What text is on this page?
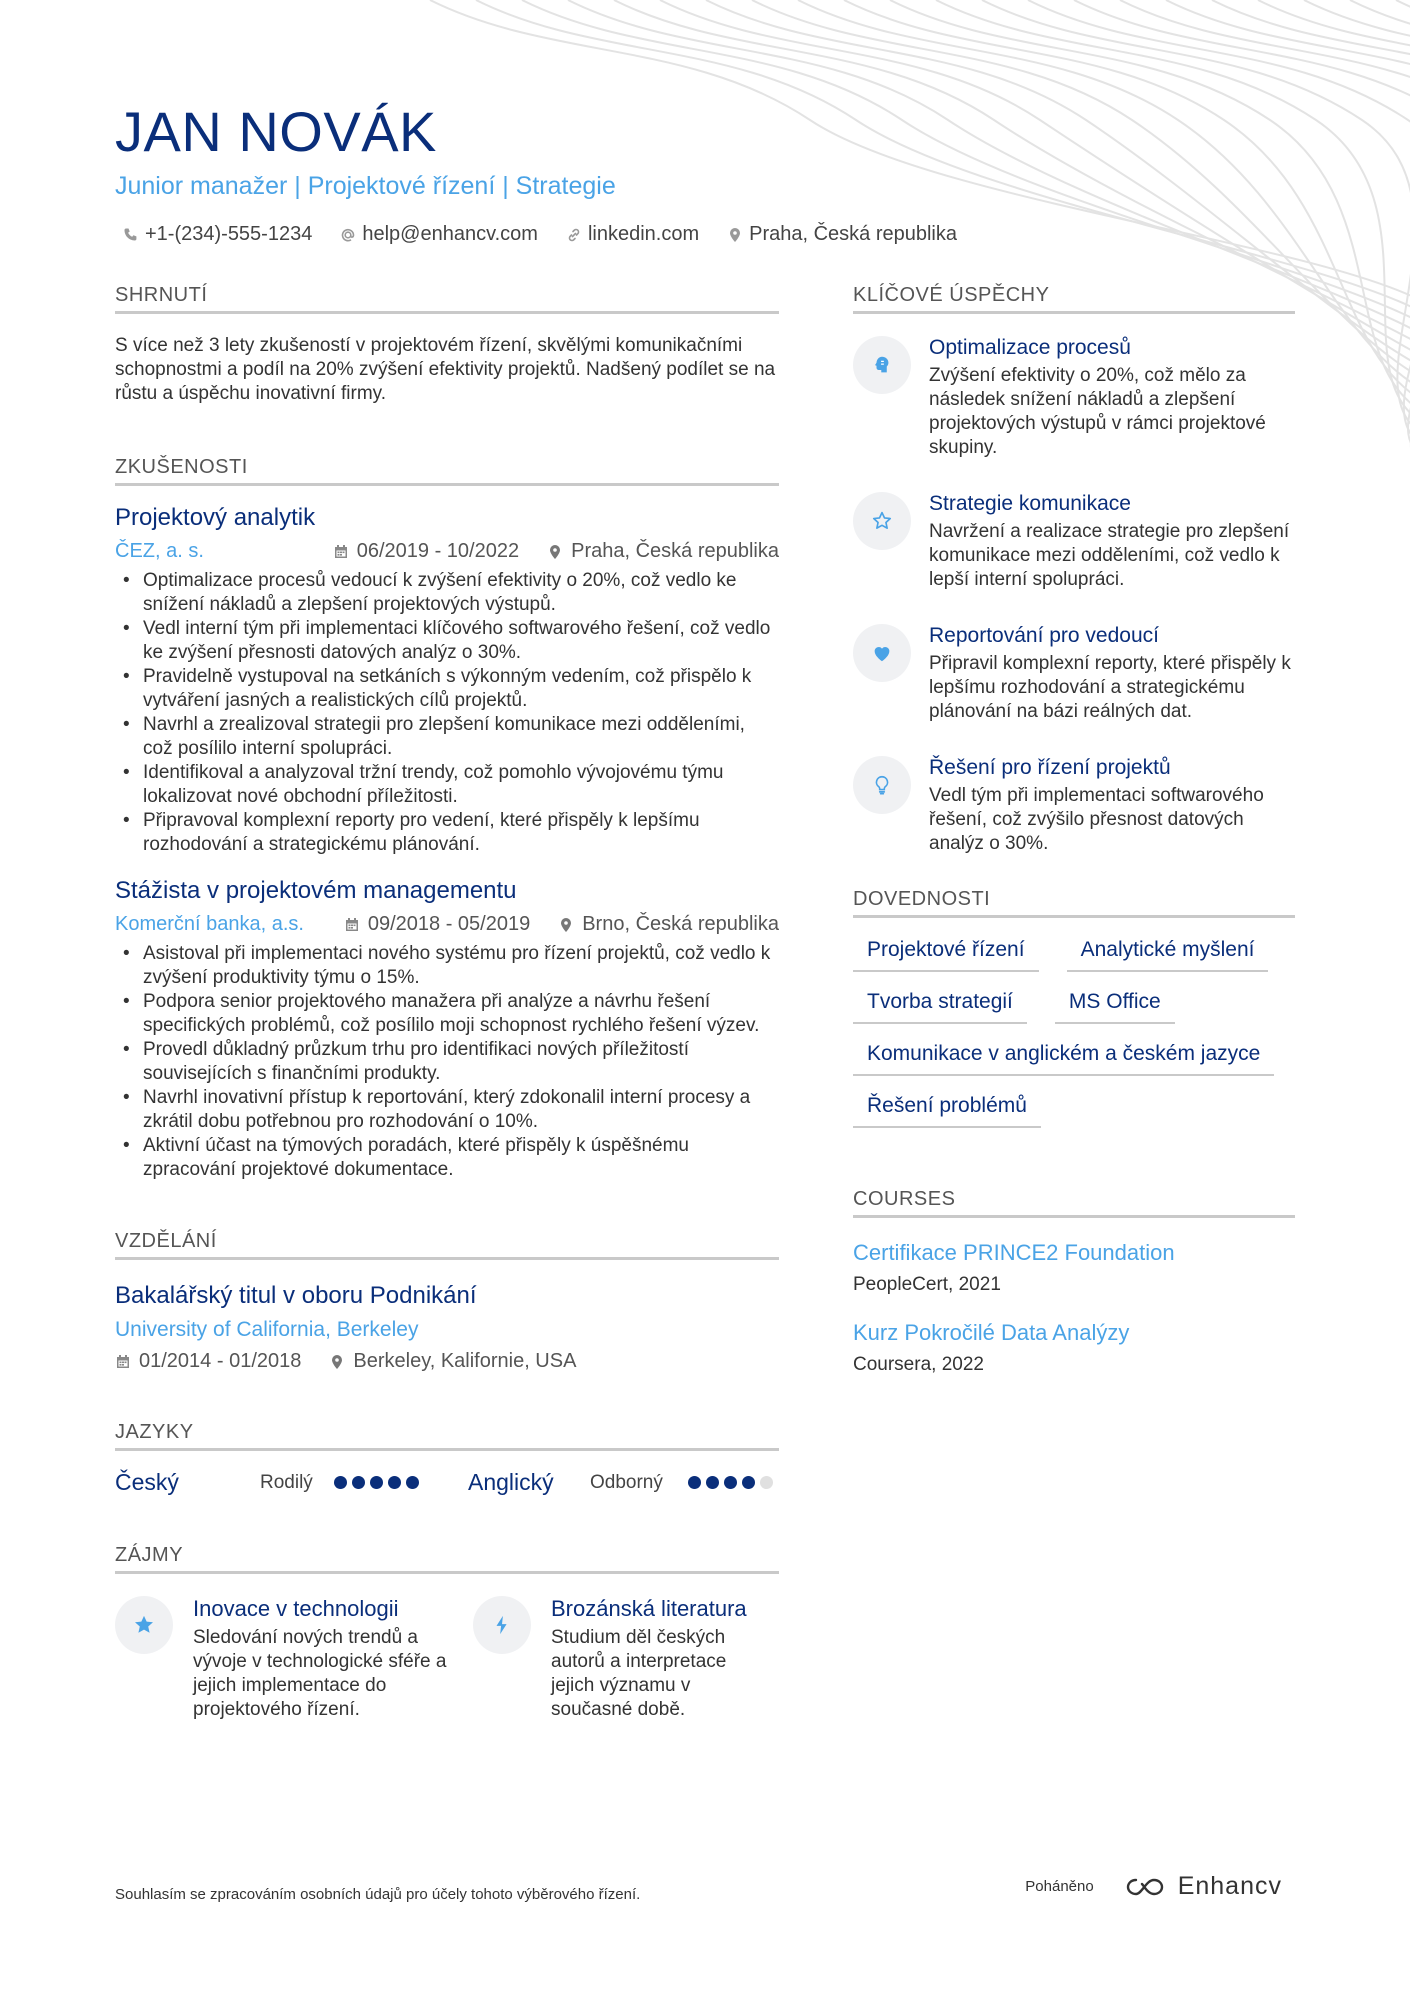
JAN NOVÁK
Junior manažer | Projektové řízení | Strategie
+1-(234)-555-1234	help@enhancv.com	linkedin.com	Praha, Česká republika
SHRNUTÍ
S více než 3 lety zkušeností v projektovém řízení, skvělými komunikačními schopnostmi a podíl na 20% zvýšení efektivity projektů. Nadšený podílet se na růstu a úspěchu inovativní firmy.
ZKUŠENOSTI
Projektový analytik
ČEZ, a. s.	06/2019 - 10/2022	Praha, Česká republika
• Optimalizace procesů vedoucí k zvýšení efektivity o 20%, což vedlo ke snížení nákladů a zlepšení projektových výstupů.
• Vedl interní tým při implementaci klíčového softwarového řešení, což vedlo ke zvýšení přesnosti datových analýz o 30%.
• Pravidelně vystupoval na setkáních s výkonným vedením, což přispělo k vytváření jasných a realistických cílů projektů.
• Navrhl a zrealizoval strategii pro zlepšení komunikace mezi odděleními, což posílilo interní spolupráci.
• Identifikoval a analyzoval tržní trendy, což pomohlo vývojovému týmu lokalizovat nové obchodní příležitosti.
• Připravoval komplexní reporty pro vedení, které přispěly k lepšímu rozhodování a strategickému plánování.
Stážista v projektovém managementu
Komerční banka, a.s.	09/2018 - 05/2019	Brno, Česká republika
• Asistoval při implementaci nového systému pro řízení projektů, což vedlo k zvýšení produktivity týmu o 15%.
• Podpora senior projektového manažera při analýze a návrhu řešení specifických problémů, což posílilo moji schopnost rychlého řešení výzev.
• Provedl důkladný průzkum trhu pro identifikaci nových příležitostí souvisejících s finančními produkty.
• Navrhl inovativní přístup k reportování, který zdokonalil interní procesy a zkrátil dobu potřebnou pro rozhodování o 10%.
• Aktivní účast na týmových poradách, které přispěly k úspěšnému zpracování projektové dokumentace.
VZDĚLÁNÍ
Bakalářský titul v oboru Podnikání
University of California, Berkeley
01/2014 - 01/2018	Berkeley, Kalifornie, USA
JAZYKY
Český	Rodilý	Anglický	Odborný
ZÁJMY
Inovace v technologii
Sledování nových trendů a vývoje v technologické sféře a jejich implementace do projektového řízení.
Brozánská literatura
Studium děl českých autorů a interpretace jejich významu v současné době.
KLÍČOVÉ ÚSPĚCHY
Optimalizace procesů
Zvýšení efektivity o 20%, což mělo za následek snížení nákladů a zlepšení projektových výstupů v rámci projektové skupiny.
Strategie komunikace
Navržení a realizace strategie pro zlepšení komunikace mezi odděleními, což vedlo k lepší interní spolupráci.
Reportování pro vedoucí
Připravil komplexní reporty, které přispěly k lepšímu rozhodování a strategickému plánování na bázi reálných dat.
Řešení pro řízení projektů
Vedl tým při implementaci softwarového řešení, což zvýšilo přesnost datových analýz o 30%.
DOVEDNOSTI
Projektové řízení	Analytické myšlení
Tvorba strategií	MS Office
Komunikace v anglickém a českém jazyce
Řešení problémů
COURSES
Certifikace PRINCE2 Foundation
PeopleCert, 2021
Kurz Pokročilé Data Analýzy
Coursera, 2022
Souhlasím se zpracováním osobních údajů pro účely tohoto výběrového řízení.	Poháněno	Enhancv
